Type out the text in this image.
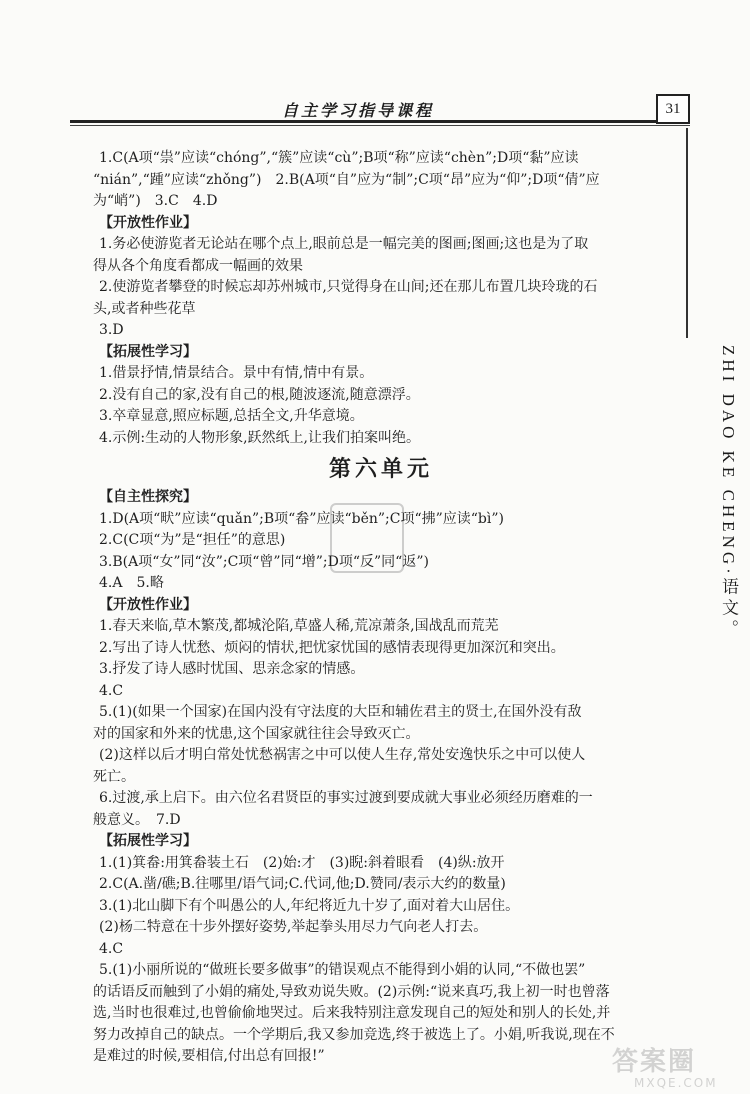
自主学习指导课程	31
ZHI DAO KE CHENG·语文。
1.C(A项“祟”应读“chóng”,“簇”应读“cù”;B项“称”应读“chèn”;D项“黏”应读
“nián”,“踵”应读“zhǒng”)　2.B(A项“自”应为“制”;C项“昂”应为“仰”;D项“倩”应
为“峭”)　3.C　4.D
【开放性作业】
1.务必使游览者无论站在哪个点上,眼前总是一幅完美的图画;图画;这也是为了取
得从各个角度看都成一幅画的效果
2.使游览者攀登的时候忘却苏州城市,只觉得身在山间;还在那儿布置几块玲珑的石
头,或者种些花草
3.D
【拓展性学习】
1.借景抒情,情景结合。景中有情,情中有景。
2.没有自己的家,没有自己的根,随波逐流,随意漂浮。
3.卒章显意,照应标题,总括全文,升华意境。
4.示例:生动的人物形象,跃然纸上,让我们拍案叫绝。
第六单元
【自主性探究】
1.D(A项“畎”应读“quǎn”;B项“畚”应读“běn”;C项“拂”应读“bì”)
2.C(C项“为”是“担任”的意思)
3.B(A项“女”同“汝”;C项“曾”同“增”;D项“反”同“返”)
4.A　5.略
【开放性作业】
1.春天来临,草木繁茂,都城沦陷,草盛人稀,荒凉萧条,国战乱而荒芜
2.写出了诗人忧愁、烦闷的情状,把忧家忧国的感情表现得更加深沉和突出。
3.抒发了诗人感时忧国、思亲念家的情感。
4.C
5.(1)(如果一个国家)在国内没有守法度的大臣和辅佐君主的贤士,在国外没有敌
对的国家和外来的忧患,这个国家就往往会导致灭亡。
(2)这样以后才明白常处忧愁祸害之中可以使人生存,常处安逸快乐之中可以使人
死亡。
6.过渡,承上启下。由六位名君贤臣的事实过渡到要成就大事业必须经历磨难的一
般意义。　7.D
【拓展性学习】
1.(1)箕畚:用箕畚装土石　(2)始:才　(3)睨:斜着眼看　(4)纵:放开
2.C(A.凿/礁;B.往哪里/语气词;C.代词,他;D.赞同/表示大约的数量)
3.(1)北山脚下有个叫愚公的人,年纪将近九十岁了,面对着大山居住。
(2)杨二特意在十步外摆好姿势,举起拳头用尽力气向老人打去。
4.C
5.(1)小丽所说的“做班长要多做事”的错误观点不能得到小娟的认同,“不做也罢”
的话语反而触到了小娟的痛处,导致劝说失败。(2)示例:“说来真巧,我上初一时也曾落
选,当时也很难过,也曾偷偷地哭过。后来我特别注意发现自己的短处和别人的长处,并
努力改掉自己的缺点。一个学期后,我又参加竞选,终于被选上了。小娟,听我说,现在不
是难过的时候,要相信,付出总有回报!”	答案圈
MXQE.COM
